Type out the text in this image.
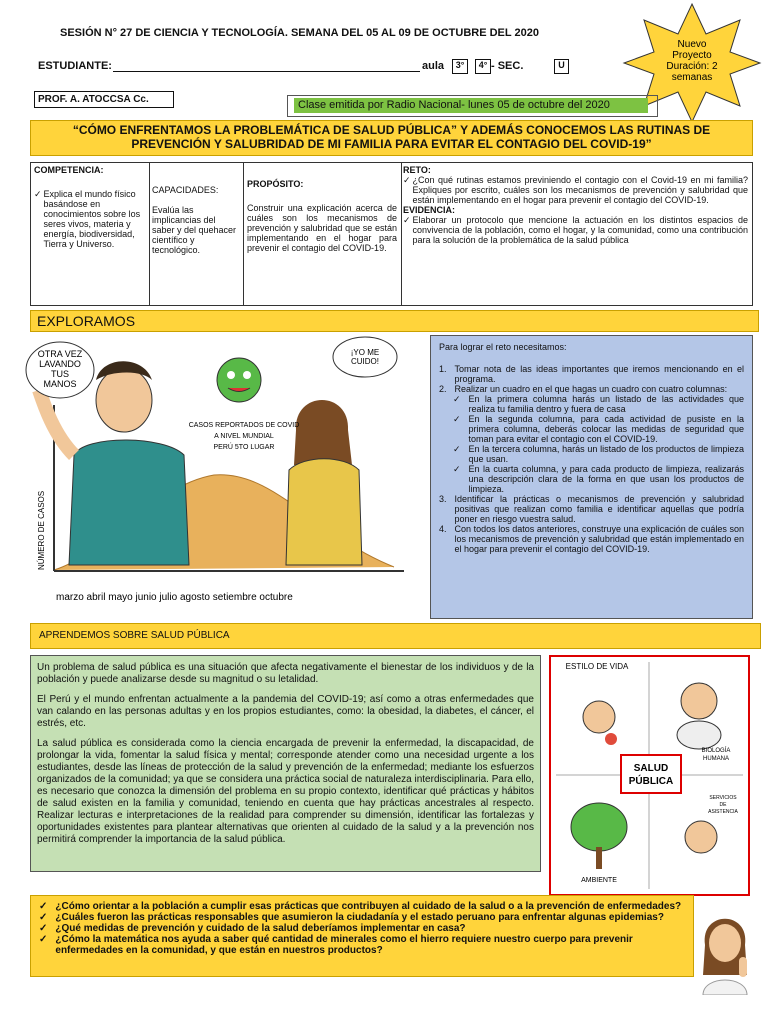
SESIÓN N° 27 DE CIENCIA Y TECNOLOGÍA. SEMANA DEL 05 AL 09 DE OCTUBRE DEL 2020
ESTUDIANTE:	aula	3°	4° - SEC.	U
Nuevo
Proyecto
Duración: 2
semanas
PROF. A. ATOCCSA Cc.	Clase emitida por Radio Nacional- lunes 05 de octubre del 2020
“CÓMO ENFRENTAMOS LA PROBLEMÁTICA DE SALUD PÚBLICA” Y ADEMÁS CONOCEMOS LAS RUTINAS DE
PREVENCIÓN Y SALUBRIDAD DE MI FAMILIA PARA EVITAR EL CONTAGIO DEL COVID-19”
COMPETENCIA:
✓ Explica el mundo físico basándose en conocimientos sobre los seres vivos, materia y energía, biodiversidad, Tierra y Universo.
CAPACIDADES:
Evalúa las implicancias del saber y del quehacer científico y tecnológico.
PROPÓSITO:
Construir una explicación acerca de cuáles son los mecanismos de prevención y salubridad que se están implementando en el hogar para prevenir el contagio del COVID-19.
RETO:
✓ ¿Con qué rutinas estamos previniendo el contagio con el Covid-19 en mi familia? Expliques por escrito, cuáles son los mecanismos de prevención y salubridad que están implementando en el hogar para prevenir el contagio del COVID-19.
EVIDENCIA:
✓ Elaborar un protocolo que mencione la actuación en los distintos espacios de convivencia de la población, como el hogar, y la comunidad, como una contribución para la solución de la problemática de la salud pública
EXPLORAMOS
OTRA VEZ LAVANDO TUS MANOS
¡YO ME CUIDO!
CASOS REPORTADOS DE COVID
A NIVEL MUNDIAL
PERÚ 5TO LUGAR
NÚMERO DE CASOS
marzo abril mayo junio julio agosto setiembre octubre
Para lograr el reto necesitamos:
1. Tomar nota de las ideas importantes que iremos mencionando en el programa.
2. Realizar un cuadro en el que hagas un cuadro con cuatro columnas:
✓ En la primera columna harás un listado de las actividades que realiza tu familia dentro y fuera de casa
✓ En la segunda columna, para cada actividad de pusiste en la primera columna, deberás colocar las medidas de seguridad que toman para evitar el contagio con el COVID-19.
✓ En la tercera columna, harás un listado de los productos de limpieza que usan.
✓ En la cuarta columna, y para cada producto de limpieza, realizarás una descripción clara de la forma en que usan los productos de limpieza.
3. Identificar la prácticas o mecanismos de prevención y salubridad positivas que realizan como familia e identificar aquellas que podría poner en riesgo vuestra salud.
4. Con todos los datos anteriores, construye una explicación de cuáles son los mecanismos de prevención y salubridad que están implementado en el hogar para prevenir el contagio del COVID-19.
APRENDEMOS SOBRE SALUD PÚBLICA

Un problema de salud pública es una situación que afecta negativamente el bienestar de los individuos y de la población y puede analizarse desde su magnitud o su letalidad.

El Perú y el mundo enfrentan actualmente a la pandemia del COVID-19; así como a otras enfermedades que van calando en las personas adultas y en los propios estudiantes, como: la obesidad, la diabetes, el cáncer, el estrés, etc.

La salud pública es considerada como la ciencia encargada de prevenir la enfermedad, la discapacidad, de prolongar la vida, fomentar la salud física y mental; corresponde atender como una necesidad urgente a los estudiantes, desde las líneas de protección de la salud y prevención de la enfermedad; mediante los esfuerzos organizados de la comunidad; ya que se considera una práctica social de naturaleza interdisciplinaria. Para ello, es necesario que conozca la dimensión del problema en su propio contexto, identificar qué prácticas y hábitos de salud existen en la familia y comunidad, teniendo en cuenta que hay prácticas ancestrales al respecto. Realizar lecturas e interpretaciones de la realidad para comprender su dimensión, identificar las fortalezas y oportunidades existentes para plantear alternativas que orienten al cuidado de la salud y a la prevención nos permitirá comprender la importancia de la salud pública.

ESTILO DE VIDA
SALUD
PÚBLICA
BIOLOGÍA
HUMANA
SERVICIOS
DE
ASISTENCIA
AMBIENTE
✓ ¿Cómo orientar a la población a cumplir esas prácticas que contribuyen al cuidado de la salud o a la prevención de enfermedades?
✓ ¿Cuáles fueron las prácticas responsables que asumieron la ciudadanía y el estado peruano para enfrentar algunas epidemias?
✓ ¿Qué medidas de prevención y cuidado de la salud deberíamos implementar en casa?
✓ ¿Cómo la matemática nos ayuda a saber qué cantidad de minerales como el hierro requiere nuestro cuerpo para prevenir enfermedades en la comunidad, y que están en nuestros productos?
